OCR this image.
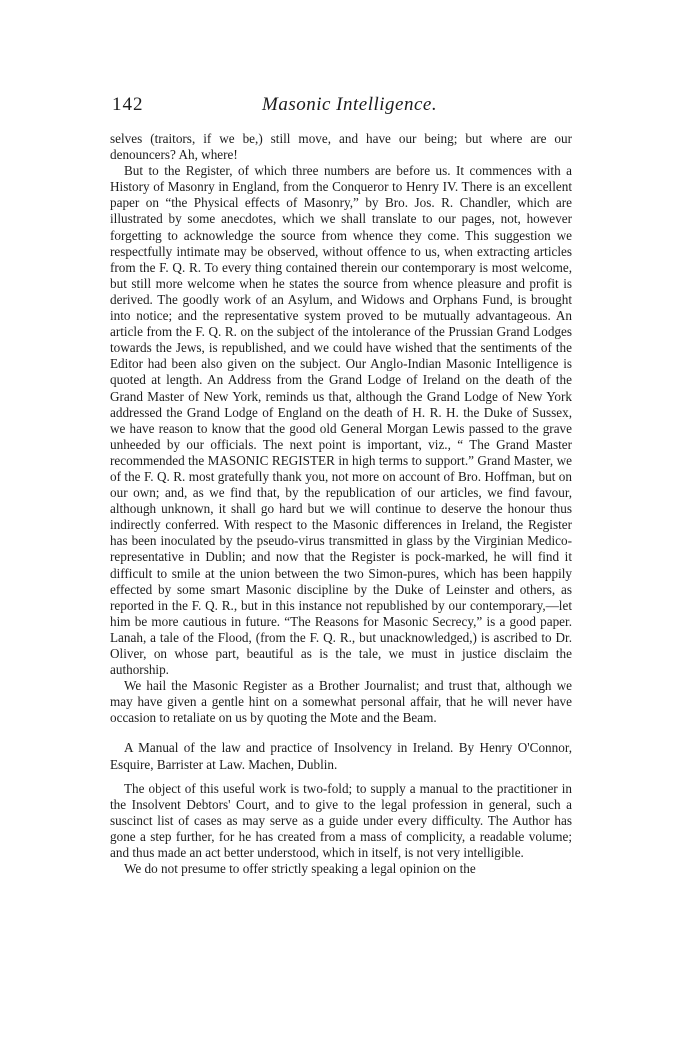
142	Masonic Intelligence.

selves (traitors, if we be,) still move, and have our being; but where are our denouncers? Ah, where!

But to the Register, of which three numbers are before us. It commences with a History of Masonry in England, from the Conqueror to Henry IV. There is an excellent paper on “the Physical effects of Masonry,” by Bro. Jos. R. Chandler, which are illustrated by some anecdotes, which we shall translate to our pages, not, however forgetting to acknowledge the source from whence they come. This suggestion we respectfully intimate may be observed, without offence to us, when extracting articles from the F. Q. R. To every thing contained therein our contemporary is most welcome, but still more welcome when he states the source from whence pleasure and profit is derived. The goodly work of an Asylum, and Widows and Orphans Fund, is brought into notice; and the representative system proved to be mutually advantageous. An article from the F. Q. R. on the subject of the intolerance of the Prussian Grand Lodges towards the Jews, is republished, and we could have wished that the sentiments of the Editor had been also given on the subject. Our Anglo-Indian Masonic Intelligence is quoted at length. An Address from the Grand Lodge of Ireland on the death of the Grand Master of New York, reminds us that, although the Grand Lodge of New York addressed the Grand Lodge of England on the death of H. R. H. the Duke of Sussex, we have reason to know that the good old General Morgan Lewis passed to the grave unheeded by our officials. The next point is important, viz., “ The Grand Master recommended the MASONIC REGISTER in high terms to support.” Grand Master, we of the F. Q. R. most gratefully thank you, not more on account of Bro. Hoffman, but on our own; and, as we find that, by the republication of our articles, we find favour, although unknown, it shall go hard but we will continue to deserve the honour thus indirectly conferred. With respect to the Masonic differences in Ireland, the Register has been inoculated by the pseudo-virus transmitted in glass by the Virginian Medico-representative in Dublin; and now that the Register is pock-marked, he will find it difficult to smile at the union between the two Simon-pures, which has been happily effected by some smart Masonic discipline by the Duke of Leinster and others, as reported in the F. Q. R., but in this instance not republished by our contemporary,—let him be more cautious in future. “The Reasons for Masonic Secrecy,” is a good paper. Lanah, a tale of the Flood, (from the F. Q. R., but unacknowledged,) is ascribed to Dr. Oliver, on whose part, beautiful as is the tale, we must in justice disclaim the authorship.

We hail the Masonic Register as a Brother Journalist; and trust that, although we may have given a gentle hint on a somewhat personal affair, that he will never have occasion to retaliate on us by quoting the Mote and the Beam.

A Manual of the law and practice of Insolvency in Ireland. By Henry O'Connor, Esquire, Barrister at Law. Machen, Dublin.

The object of this useful work is two-fold; to supply a manual to the practitioner in the Insolvent Debtors' Court, and to give to the legal profession in general, such a suscinct list of cases as may serve as a guide under every difficulty. The Author has gone a step further, for he has created from a mass of complicity, a readable volume; and thus made an act better understood, which in itself, is not very intelligible.

We do not presume to offer strictly speaking a legal opinion on the
